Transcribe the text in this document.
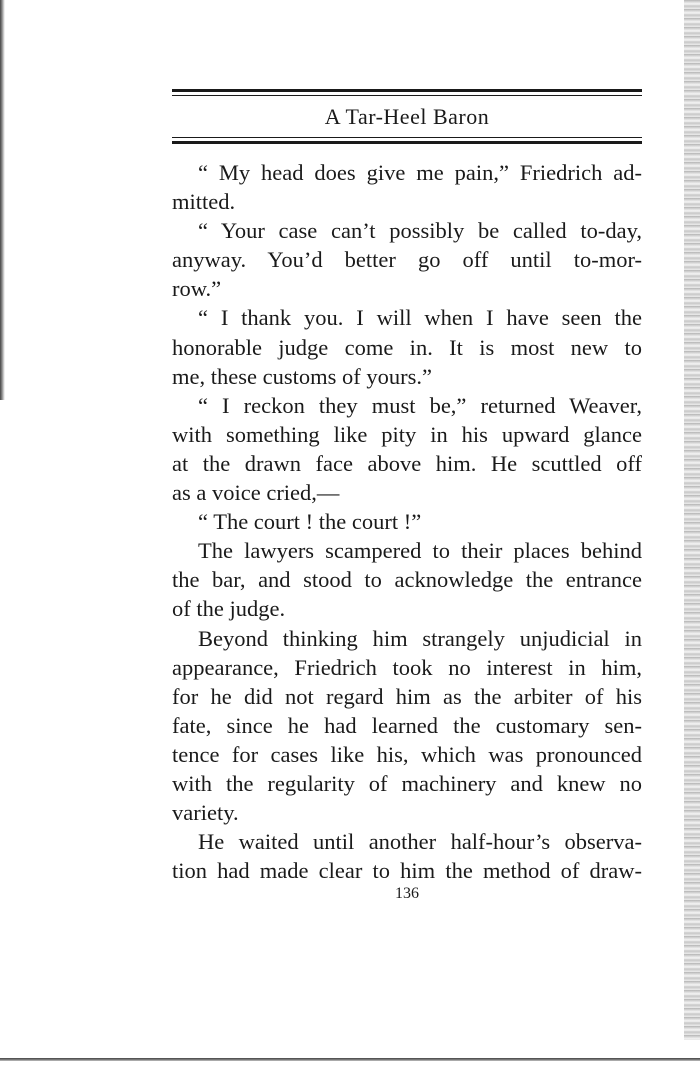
A Tar-Heel Baron
“ My head does give me pain,” Friedrich ad-
mitted.
“ Your case can’t possibly be called to-day,
anyway. You’d better go off until to-mor-
row.”
“ I thank you. I will when I have seen the
honorable judge come in. It is most new to
me, these customs of yours.”
“ I reckon they must be,” returned Weaver,
with something like pity in his upward glance
at the drawn face above him. He scuttled off
as a voice cried,—
“ The court ! the court !”
The lawyers scampered to their places behind
the bar, and stood to acknowledge the entrance
of the judge.
Beyond thinking him strangely unjudicial in
appearance, Friedrich took no interest in him,
for he did not regard him as the arbiter of his
fate, since he had learned the customary sen-
tence for cases like his, which was pronounced
with the regularity of machinery and knew no
variety.
He waited until another half-hour’s observa-
tion had made clear to him the method of draw-
136
